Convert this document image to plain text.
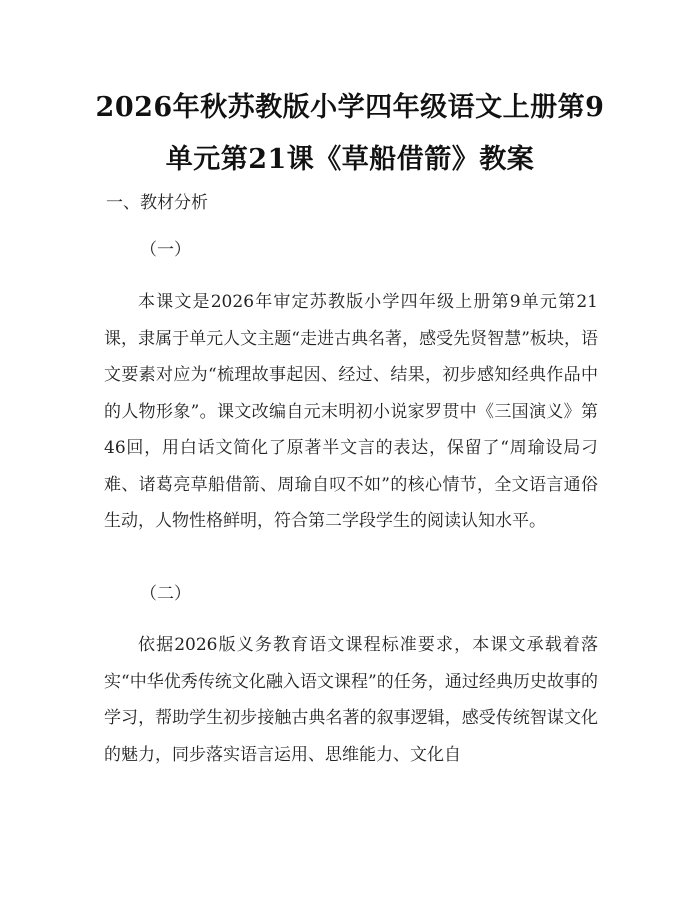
2026年秋苏教版小学四年级语文上册第9单元第21课《草船借箭》教案

一、教材分析

（一）

本课文是2026年审定苏教版小学四年级上册第9单元第21课，隶属于单元人文主题“走进古典名著，感受先贤智慧”板块，语文要素对应为“梳理故事起因、经过、结果，初步感知经典作品中的人物形象”。课文改编自元末明初小说家罗贯中《三国演义》第46回，用白话文简化了原著半文言的表达，保留了“周瑜设局刁难、诸葛亮草船借箭、周瑜自叹不如”的核心情节，全文语言通俗生动，人物性格鲜明，符合第二学段学生的阅读认知水平。

（二）

依据2026版义务教育语文课程标准要求，本课文承载着落实“中华优秀传统文化融入语文课程”的任务，通过经典历史故事的学习，帮助学生初步接触古典名著的叙事逻辑，感受传统智谋文化的魅力，同步落实语言运用、思维能力、文化自
